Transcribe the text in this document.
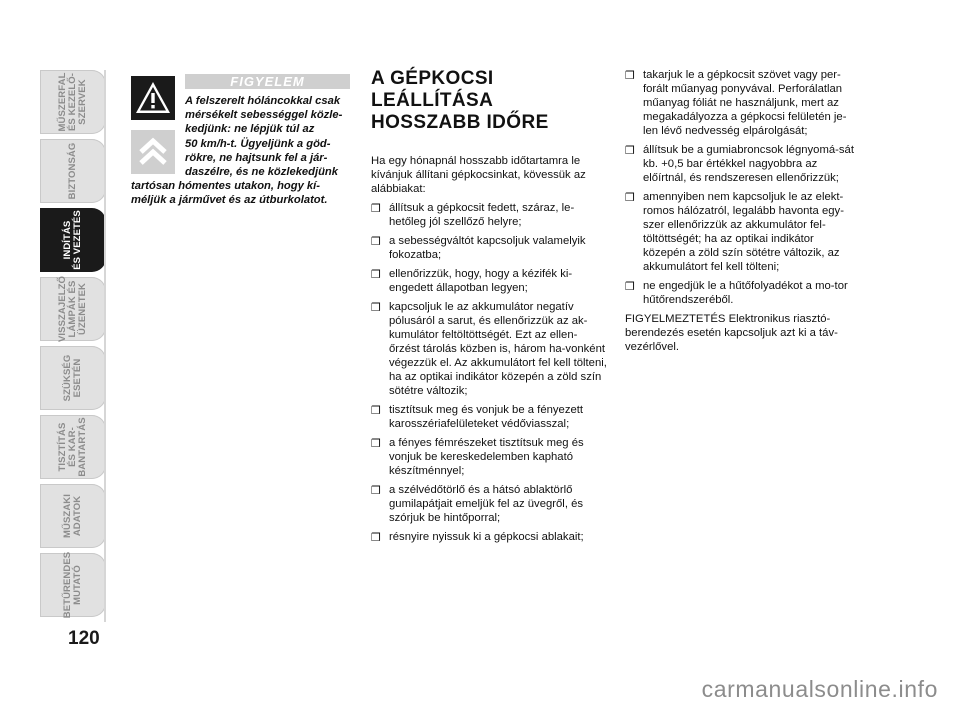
MŰSZERFAL
ÉS KEZELŐ-
SZERVEK
BIZTONSÁG
INDÍTÁS
ÉS VEZETÉS
VISSZAJELZŐ
LÁMPÁK ÉS
ÜZENETEK
SZÜKSÉG
ESETÉN
TISZTÍTÁS
ÉS KAR-
BANTARTÁS
MŰSZAKI
ADATOK
BETŰRENDES
MUTATÓ
120
FIGYELEM
A felszerelt hóláncokkal csak
mérsékelt sebességgel közle-
kedjünk: ne lépjük túl az
50 km/h-t. Ügyeljünk a göd-
rökre, ne hajtsunk fel a jár-
daszélre, és ne közlekedjünk
tartósan hómentes utakon, hogy kí-
méljük a járművet és az útburkolatot.
A GÉPKOCSI
LEÁLLÍTÁSA
HOSSZABB IDŐRE

Ha egy hónapnál hosszabb időtartamra le kívánjuk állítani gépkocsinkat, kövessük az alábbiakat:

❒ állítsuk a gépkocsit fedett, száraz, le-hetőleg jól szellőző helyre;
❒ a sebességváltót kapcsoljuk valamelyik fokozatba;
❒ ellenőrizzük, hogy, hogy a kézifék ki-engedett állapotban legyen;
❒ kapcsoljuk le az akkumulátor negatív pólusáról a sarut, és ellenőrizzük az ak-kumulátor feltöltöttségét. Ezt az ellen-őrzést tárolás közben is, három ha-vonként végezzük el. Az akkumulátort fel kell tölteni, ha az optikai indikátor közepén a zöld szín sötétre változik;
❒ tisztítsuk meg és vonjuk be a fényezett karosszériafelületeket védőviasszal;
❒ a fényes fémrészeket tisztítsuk meg és vonjuk be kereskedelemben kapható készítménnyel;
❒ a szélvédőtörlő és a hátsó ablaktörlő gumilapátjait emeljük fel az üvegről, és szórjuk be hintőporral;
❒ résnyire nyissuk ki a gépkocsi ablakait;
❒ takarjuk le a gépkocsit szövet vagy per-forált műanyag ponyvával. Perforálatlan műanyag fóliát ne használjunk, mert az megakadályozza a gépkocsi felületén je-len lévő nedvesség elpárolgását;
❒ állítsuk be a gumiabroncsok légnyomá-sát kb. +0,5 bar értékkel nagyobbra az előírtnál, és rendszeresen ellenőrizzük;
❒ amennyiben nem kapcsoljuk le az elekt-romos hálózatról, legalább havonta egy-szer ellenőrizzük az akkumulátor fel-töltöttségét; ha az optikai indikátor közepén a zöld szín sötétre változik, az akkumulátort fel kell tölteni;
❒ ne engedjük le a hűtőfolyadékot a mo-tor hűtőrendszeréből.

FIGYELMEZTETÉS Elektronikus riasztó-berendezés esetén kapcsoljuk azt ki a táv-vezérlővel.

carmanualsonline.info
